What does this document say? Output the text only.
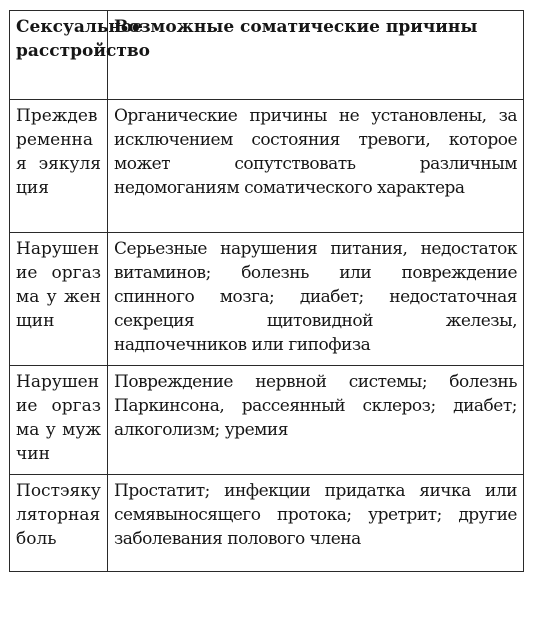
Сексуальное расстройство	Возможные соматические причины
Преждевременная эякуляция	Органические причины не установлены, за исключением состояния тревоги, которое может сопутствовать различным недомоганиям соматического характера
Нарушение оргазма у женщин	Серьезные нарушения питания, недостаток витаминов; болезнь или повреждение спинного мозга; диабет; недостаточная секреция щитовидной железы, надпочечников или гипофиза
Нарушение оргазма у мужчин	Повреждение нервной системы; болезнь Паркинсона, рассеянный склероз; диабет; алкоголизм; уремия
Постэякуляторная боль	Простатит; инфекции придатка яичка или семявыносящего протока; уретрит; другие заболевания полового члена
